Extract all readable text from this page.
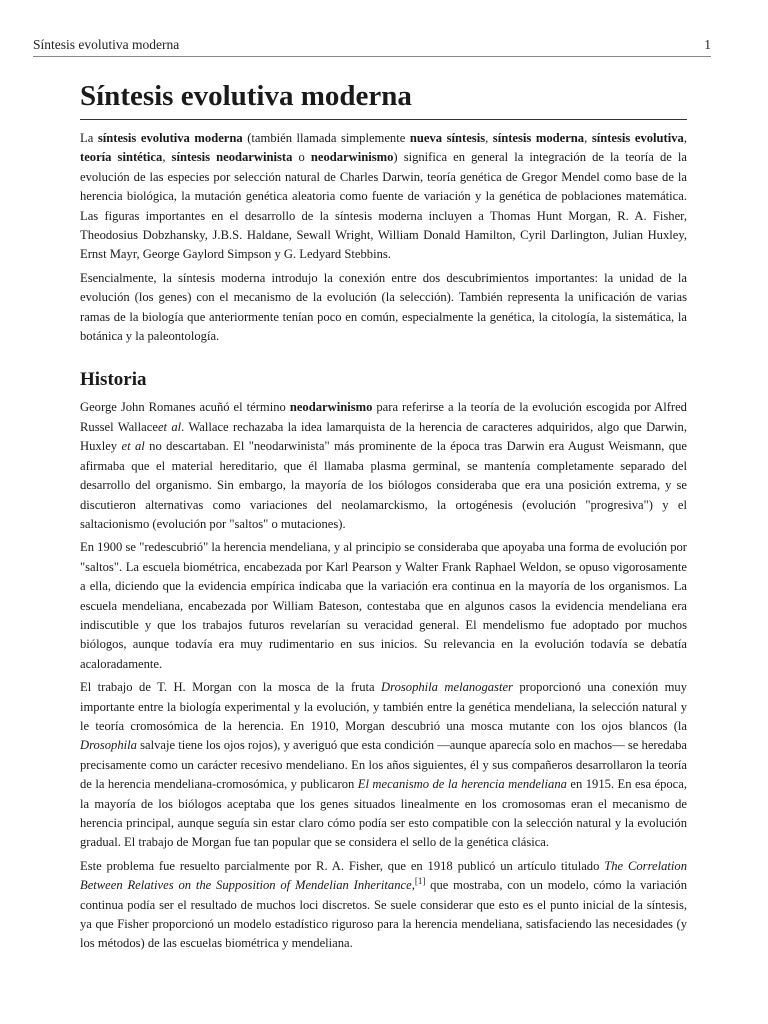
Síntesis evolutiva moderna	1
Síntesis evolutiva moderna

La síntesis evolutiva moderna (también llamada simplemente nueva síntesis, síntesis moderna, síntesis evolutiva, teoría sintética, síntesis neodarwinista o neodarwinismo) significa en general la integración de la teoría de la evolución de las especies por selección natural de Charles Darwin, teoría genética de Gregor Mendel como base de la herencia biológica, la mutación genética aleatoria como fuente de variación y la genética de poblaciones matemática. Las figuras importantes en el desarrollo de la síntesis moderna incluyen a Thomas Hunt Morgan, R. A. Fisher, Theodosius Dobzhansky, J.B.S. Haldane, Sewall Wright, William Donald Hamilton, Cyril Darlington, Julian Huxley, Ernst Mayr, George Gaylord Simpson y G. Ledyard Stebbins.

Esencialmente, la síntesis moderna introdujo la conexión entre dos descubrimientos importantes: la unidad de la evolución (los genes) con el mecanismo de la evolución (la selección). También representa la unificación de varias ramas de la biología que anteriormente tenían poco en común, especialmente la genética, la citología, la sistemática, la botánica y la paleontología.

Historia

George John Romanes acuñó el término neodarwinismo para referirse a la teoría de la evolución escogida por Alfred Russel Wallaceet al. Wallace rechazaba la idea lamarquista de la herencia de caracteres adquiridos, algo que Darwin, Huxley et al no descartaban. El "neodarwinista" más prominente de la época tras Darwin era August Weismann, que afirmaba que el material hereditario, que él llamaba plasma germinal, se mantenía completamente separado del desarrollo del organismo. Sin embargo, la mayoría de los biólogos consideraba que era una posición extrema, y se discutieron alternativas como variaciones del neolamarckismo, la ortogénesis (evolución "progresiva") y el saltacionismo (evolución por "saltos" o mutaciones).

En 1900 se "redescubrió" la herencia mendeliana, y al principio se consideraba que apoyaba una forma de evolución por "saltos". La escuela biométrica, encabezada por Karl Pearson y Walter Frank Raphael Weldon, se opuso vigorosamente a ella, diciendo que la evidencia empírica indicaba que la variación era continua en la mayoría de los organismos. La escuela mendeliana, encabezada por William Bateson, contestaba que en algunos casos la evidencia mendeliana era indiscutible y que los trabajos futuros revelarían su veracidad general. El mendelismo fue adoptado por muchos biólogos, aunque todavía era muy rudimentario en sus inicios. Su relevancia en la evolución todavía se debatía acaloradamente.

El trabajo de T. H. Morgan con la mosca de la fruta Drosophila melanogaster proporcionó una conexión muy importante entre la biología experimental y la evolución, y también entre la genética mendeliana, la selección natural y le teoría cromosómica de la herencia. En 1910, Morgan descubrió una mosca mutante con los ojos blancos (la Drosophila salvaje tiene los ojos rojos), y averiguó que esta condición —aunque aparecía solo en machos— se heredaba precisamente como un carácter recesivo mendeliano. En los años siguientes, él y sus compañeros desarrollaron la teoría de la herencia mendeliana-cromosómica, y publicaron El mecanismo de la herencia mendeliana en 1915. En esa época, la mayoría de los biólogos aceptaba que los genes situados linealmente en los cromosomas eran el mecanismo de herencia principal, aunque seguía sin estar claro cómo podía ser esto compatible con la selección natural y la evolución gradual. El trabajo de Morgan fue tan popular que se considera el sello de la genética clásica.

Este problema fue resuelto parcialmente por R. A. Fisher, que en 1918 publicó un artículo titulado The Correlation Between Relatives on the Supposition of Mendelian Inheritance,[1] que mostraba, con un modelo, cómo la variación continua podía ser el resultado de muchos loci discretos. Se suele considerar que esto es el punto inicial de la síntesis, ya que Fisher proporcionó un modelo estadístico riguroso para la herencia mendeliana, satisfaciendo las necesidades (y los métodos) de las escuelas biométrica y mendeliana.
